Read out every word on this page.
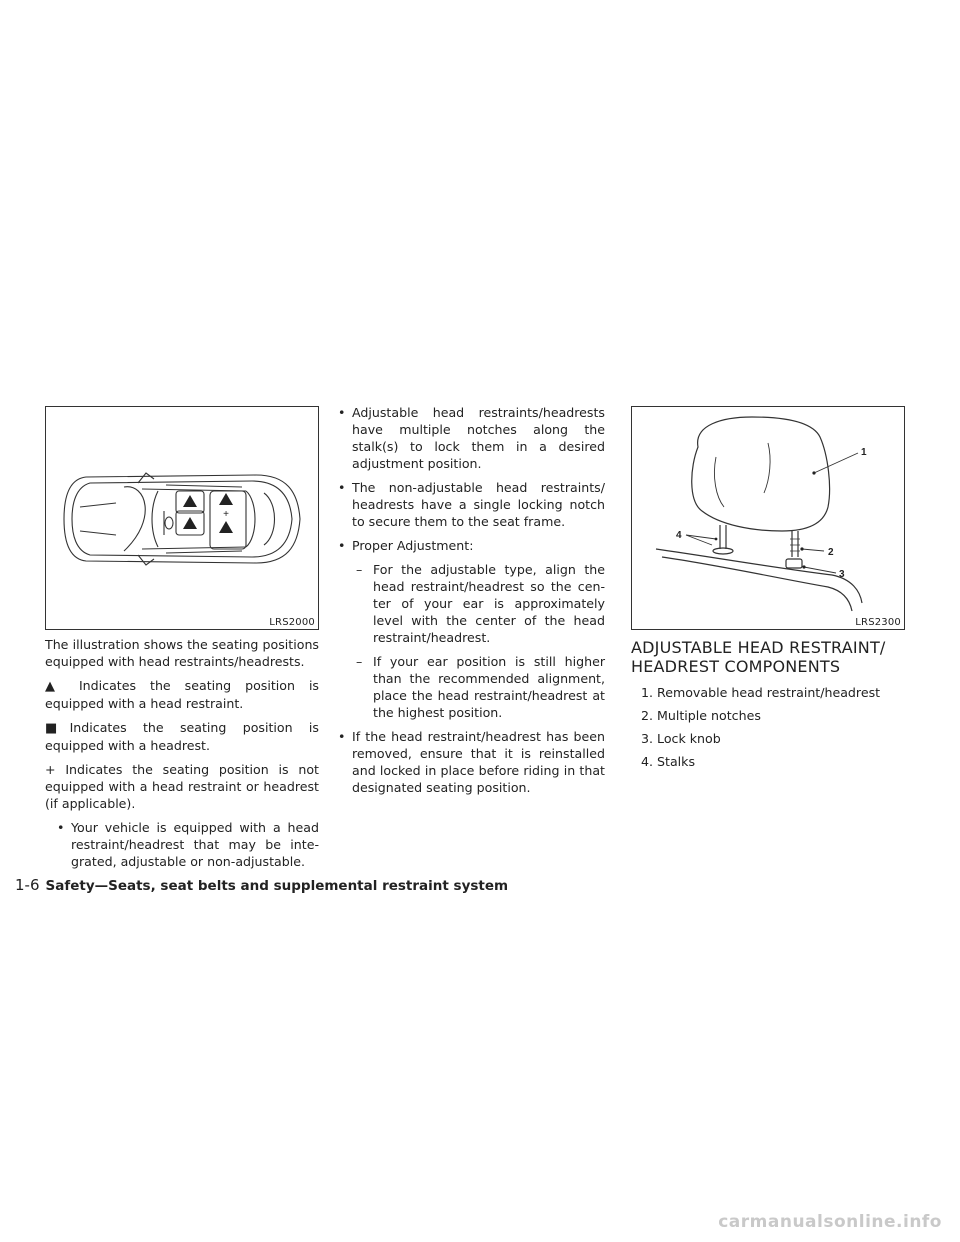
+
LRS2000

The illustration shows the seating positions equipped with head restraints/headrests.

▲ Indicates the seating position is equipped with a head restraint.

■Indicates the seating position is equipped with a headrest.

+ Indicates the seating position is not equipped with a head restraint or headrest (if applicable).

• Your vehicle is equipped with a head restraint/headrest that may be inte- grated, adjustable or non-adjustable.
• Adjustable head restraints/headrests have multiple notches along the stalk(s) to lock them in a desired adjustment position.
• The non-adjustable head restraints/ headrests have a single locking notch to secure them to the seat frame.
• Proper Adjustment:
– For the adjustable type, align the head restraint/headrest so the cen- ter of your ear is approximately level with the center of the head restraint/headrest.
– If your ear position is still higher than the recommended alignment, place the head restraint/headrest at the highest position.
• If the head restraint/headrest has been removed, ensure that it is reinstalled and locked in place before riding in that designated seating position.
1
2
3
4
LRS2300
ADJUSTABLE HEAD RESTRAINT/
HEADREST COMPONENTS
1. Removable head restraint/headrest
2. Multiple notches
3. Lock knob
4. Stalks
1-6 Safety—Seats, seat belts and supplemental restraint system
carmanualsonline.info
